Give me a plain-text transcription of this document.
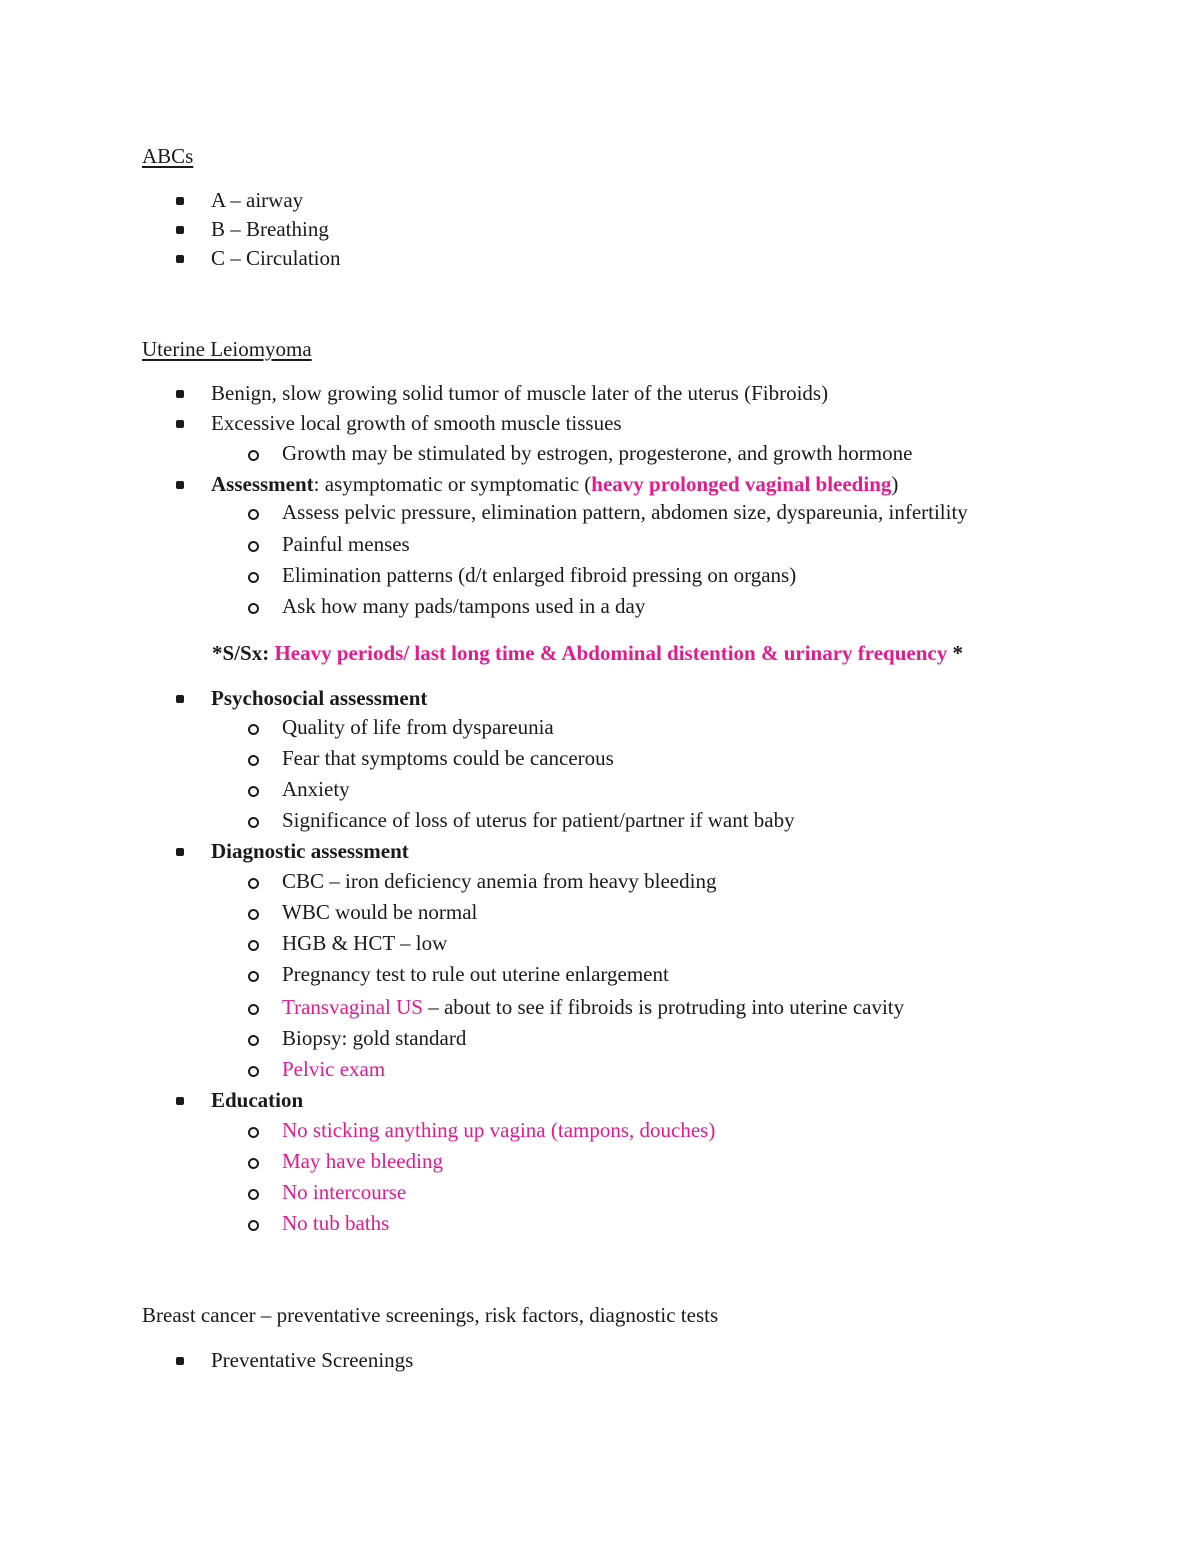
ABCs
A – airway
B – Breathing
C – Circulation
Uterine Leiomyoma
Benign, slow growing solid tumor of muscle later of the uterus (Fibroids)
Excessive local growth of smooth muscle tissues
Growth may be stimulated by estrogen, progesterone, and growth hormone
Assessment: asymptomatic or symptomatic (heavy prolonged vaginal bleeding)
Assess pelvic pressure, elimination pattern, abdomen size, dyspareunia, infertility
Painful menses
Elimination patterns (d/t enlarged fibroid pressing on organs)
Ask how many pads/tampons used in a day
*S/Sx: Heavy periods/ last long time & Abdominal distention & urinary frequency *
Psychosocial assessment
Quality of life from dyspareunia
Fear that symptoms could be cancerous
Anxiety
Significance of loss of uterus for patient/partner if want baby
Diagnostic assessment
CBC – iron deficiency anemia from heavy bleeding
WBC would be normal
HGB & HCT – low
Pregnancy test to rule out uterine enlargement
Transvaginal US – about to see if fibroids is protruding into uterine cavity
Biopsy: gold standard
Pelvic exam
Education
No sticking anything up vagina (tampons, douches)
May have bleeding
No intercourse
No tub baths
Breast cancer – preventative screenings, risk factors, diagnostic tests
Preventative Screenings
